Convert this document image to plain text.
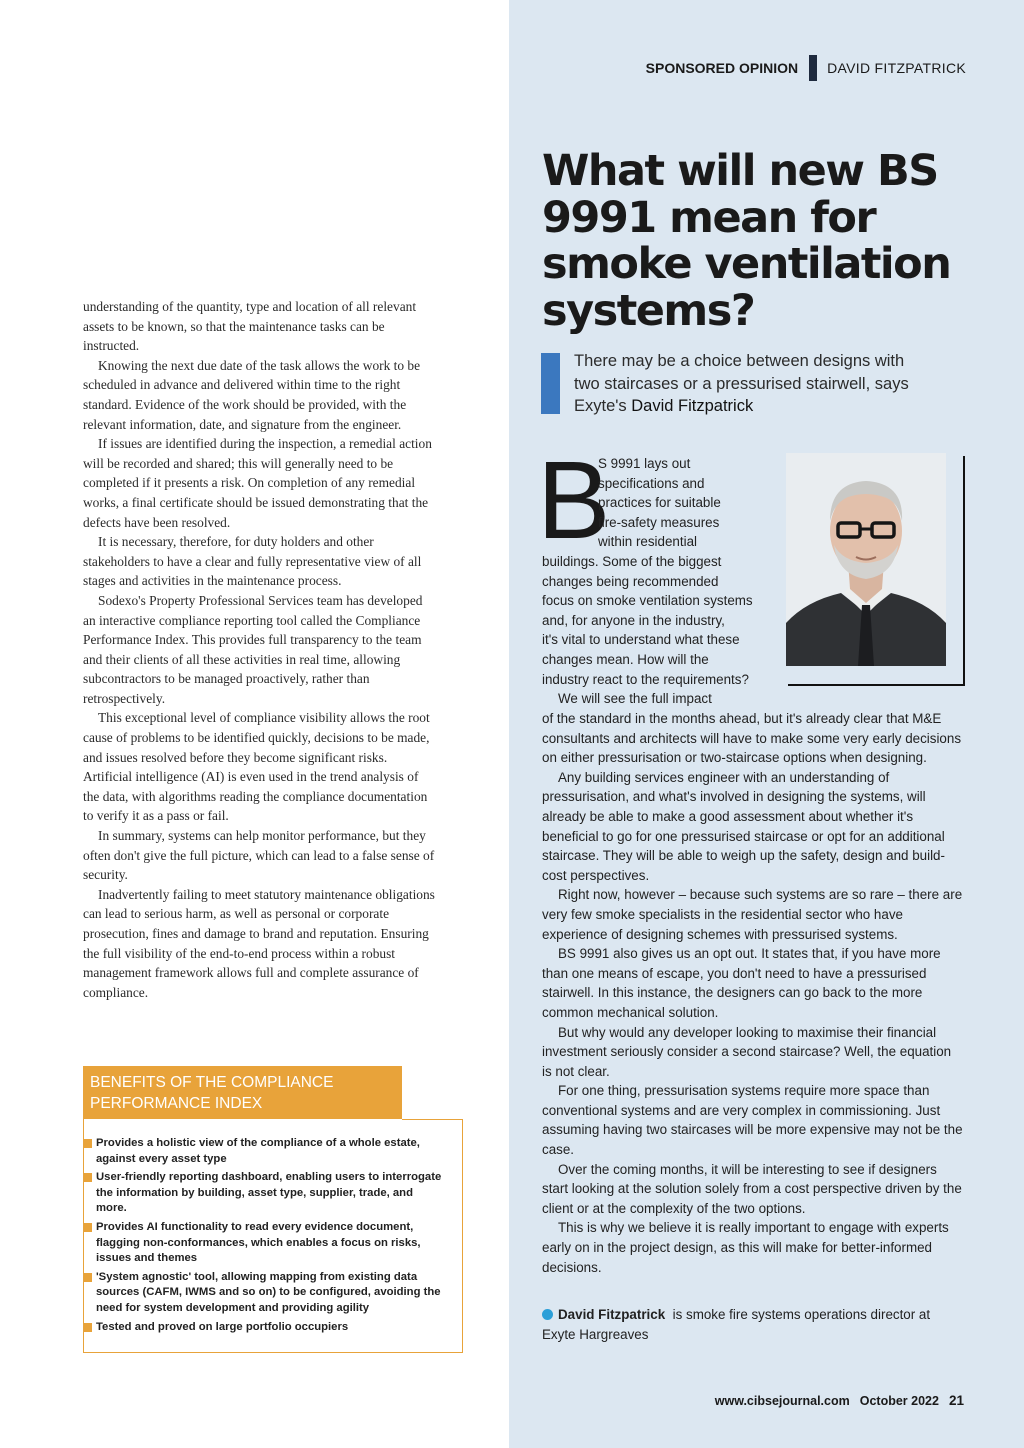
understanding of the quantity, type and location of all relevant assets to be known, so that the maintenance tasks can be instructed.

Knowing the next due date of the task allows the work to be scheduled in advance and delivered within time to the right standard. Evidence of the work should be provided, with the relevant information, date, and signature from the engineer.

If issues are identified during the inspection, a remedial action will be recorded and shared; this will generally need to be completed if it presents a risk. On completion of any remedial works, a final certificate should be issued demonstrating that the defects have been resolved.

It is necessary, therefore, for duty holders and other stakeholders to have a clear and fully representative view of all stages and activities in the maintenance process.

Sodexo's Property Professional Services team has developed an interactive compliance reporting tool called the Compliance Performance Index. This provides full transparency to the team and their clients of all these activities in real time, allowing subcontractors to be managed proactively, rather than retrospectively.

This exceptional level of compliance visibility allows the root cause of problems to be identified quickly, decisions to be made, and issues resolved before they become significant risks. Artificial intelligence (AI) is even used in the trend analysis of the data, with algorithms reading the compliance documentation to verify it as a pass or fail.

In summary, systems can help monitor performance, but they often don't give the full picture, which can lead to a false sense of security.

Inadvertently failing to meet statutory maintenance obligations can lead to serious harm, as well as personal or corporate prosecution, fines and damage to brand and reputation. Ensuring the full visibility of the end-to-end process within a robust management framework allows full and complete assurance of compliance.

BENEFITS OF THE COMPLIANCE PERFORMANCE INDEX
Provides a holistic view of the compliance of a whole estate, against every asset type
User-friendly reporting dashboard, enabling users to interrogate the information by building, asset type, supplier, trade, and more.
Provides AI functionality to read every evidence document, flagging non-conformances, which enables a focus on risks, issues and themes
'System agnostic' tool, allowing mapping from existing data sources (CAFM, IWMS and so on) to be configured, avoiding the need for system development and providing agility
Tested and proved on large portfolio occupiers
SPONSORED OPINION DAVID FITZPATRICK
What will new BS 9991 mean for smoke ventilation systems?
There may be a choice between designs with two staircases or a pressurised stairwell, says Exyte's David Fitzpatrick
B
S 9991 lays out
specifications and
practices for suitable
fire-safety measures
within residential
buildings. Some of the biggest
changes being recommended
focus on smoke ventilation systems
and, for anyone in the industry,
it's vital to understand what these
changes mean. How will the
industry react to the requirements?
We will see the full impact

of the standard in the months ahead, but it's already clear that M&E consultants and architects will have to make some very early decisions on either pressurisation or two-staircase options when designing.

Any building services engineer with an understanding of pressurisation, and what's involved in designing the systems, will already be able to make a good assessment about whether it's beneficial to go for one pressurised staircase or opt for an additional staircase. They will be able to weigh up the safety, design and build-cost perspectives.

Right now, however – because such systems are so rare – there are very few smoke specialists in the residential sector who have experience of designing schemes with pressurised systems.

BS 9991 also gives us an opt out. It states that, if you have more than one means of escape, you don't need to have a pressurised stairwell. In this instance, the designers can go back to the more common mechanical solution.

But why would any developer looking to maximise their financial investment seriously consider a second staircase? Well, the equation is not clear.

For one thing, pressurisation systems require more space than conventional systems and are very complex in commissioning. Just assuming having two staircases will be more expensive may not be the case.

Over the coming months, it will be interesting to see if designers start looking at the solution solely from a cost perspective driven by the client or at the complexity of the two options.

This is why we believe it is really important to engage with experts early on in the project design, as this will make for better-informed decisions.

David Fitzpatrick is smoke fire systems operations director at Exyte Hargreaves
www.cibsejournal.com October 2022 21
